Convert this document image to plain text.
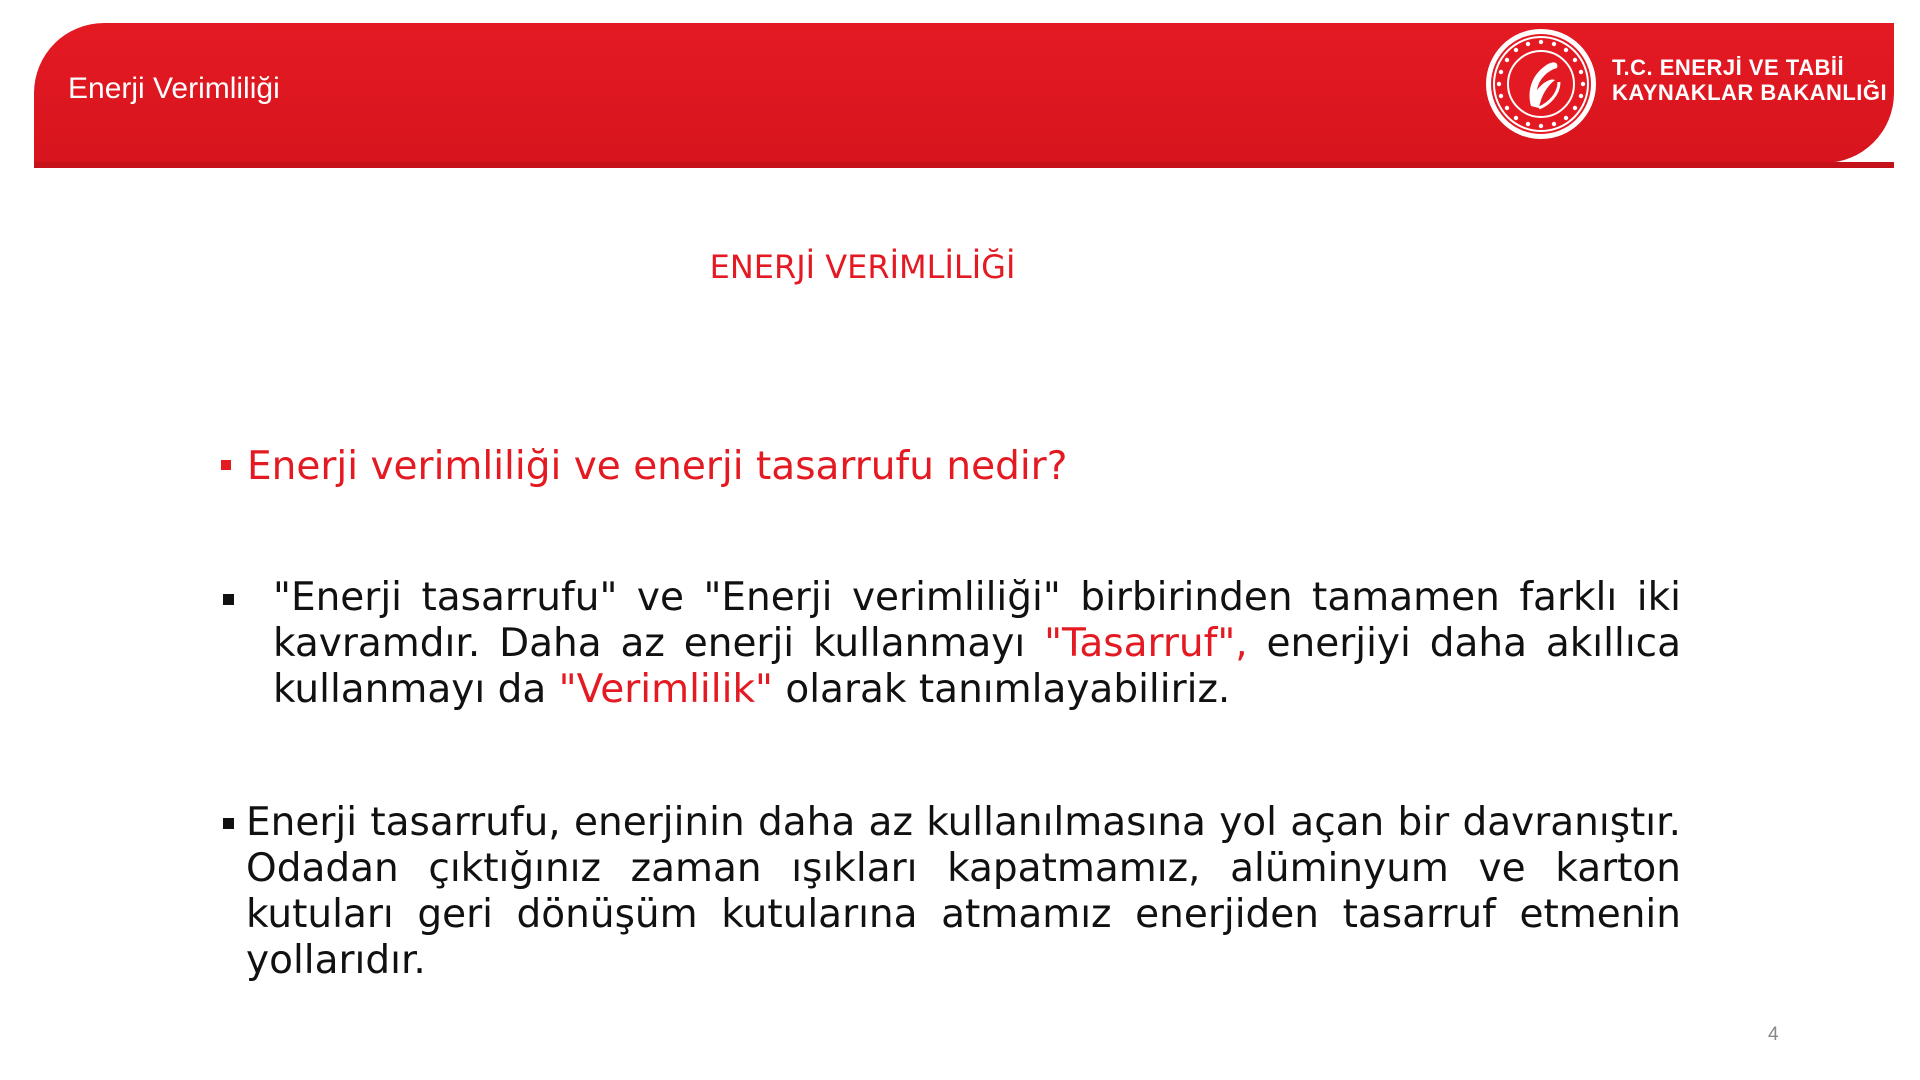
Enerji Verimliliği
T.C. ENERJİ VE TABİİ
KAYNAKLAR BAKANLIĞI
ENERJİ VERİMLİLİĞİ
Enerji verimliliği ve enerji tasarrufu nedir?
"Enerji tasarrufu" ve "Enerji verimliliği" birbirinden tamamen farklı iki kavramdır. Daha az enerji kullanmayı "Tasarruf", enerjiyi daha akıllıca kullanmayı da "Verimlilik" olarak tanımlayabiliriz.
Enerji tasarrufu, enerjinin daha az kullanılmasına yol açan bir davranıştır. Odadan çıktığınız zaman ışıkları kapatmamız, alüminyum ve karton kutuları geri dönüşüm kutularına atmamız enerjiden tasarruf etmenin yollarıdır.
4
